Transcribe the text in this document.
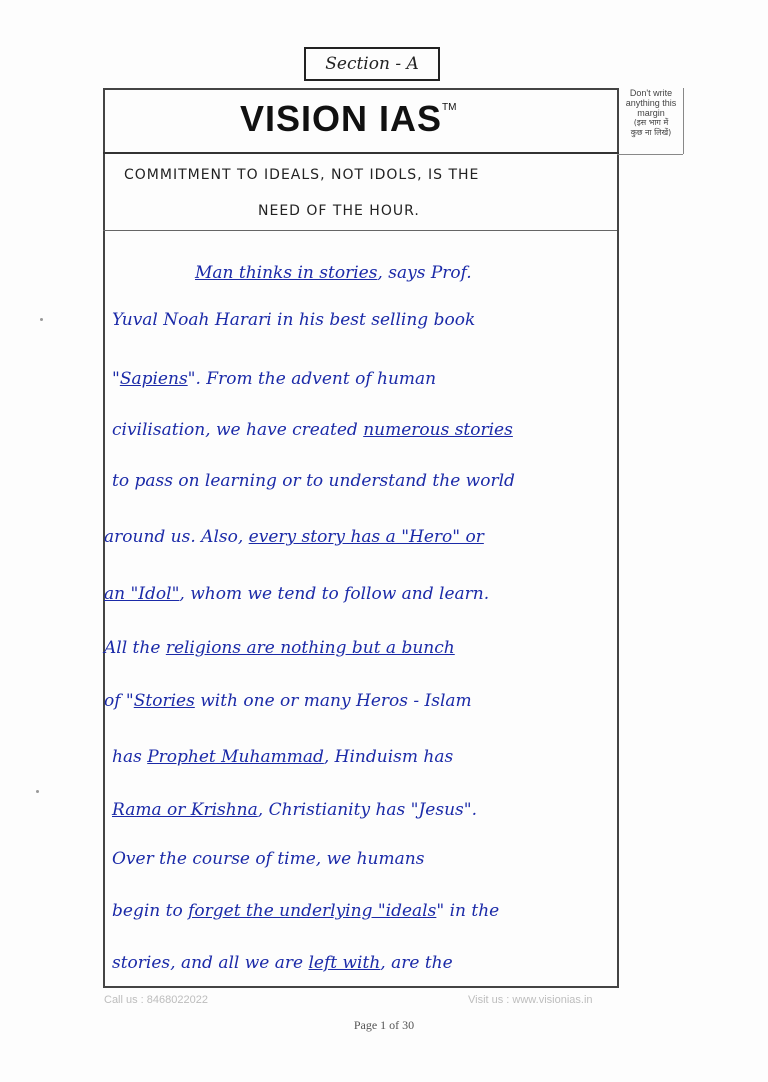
Section - A
VISION IAS™
Don't write
anything this
margin
(इस भाग में
कुछ ना लिखें)
COMMITMENT TO IDEALS, NOT IDOLS, IS THE
NEED OF THE HOUR.
Man thinks in stories, says Prof.
Yuval Noah Harari in his best selling book
"Sapiens". From the advent of human
civilisation, we have created numerous stories
to pass on learning or to understand the world
around us. Also, every story has a "Hero" or
an "Idol", whom we tend to follow and learn.
All the religions are nothing but a bunch
of "Stories with one or many Heros - Islam
has Prophet Muhammad, Hinduism has
Rama or Krishna, Christianity has "Jesus".
Over the course of time, we humans
begin to forget the underlying "ideals" in the
stories, and all we are left with, are the
Call us : 8468022022	Visit us : www.visionias.in
Page 1 of 30
